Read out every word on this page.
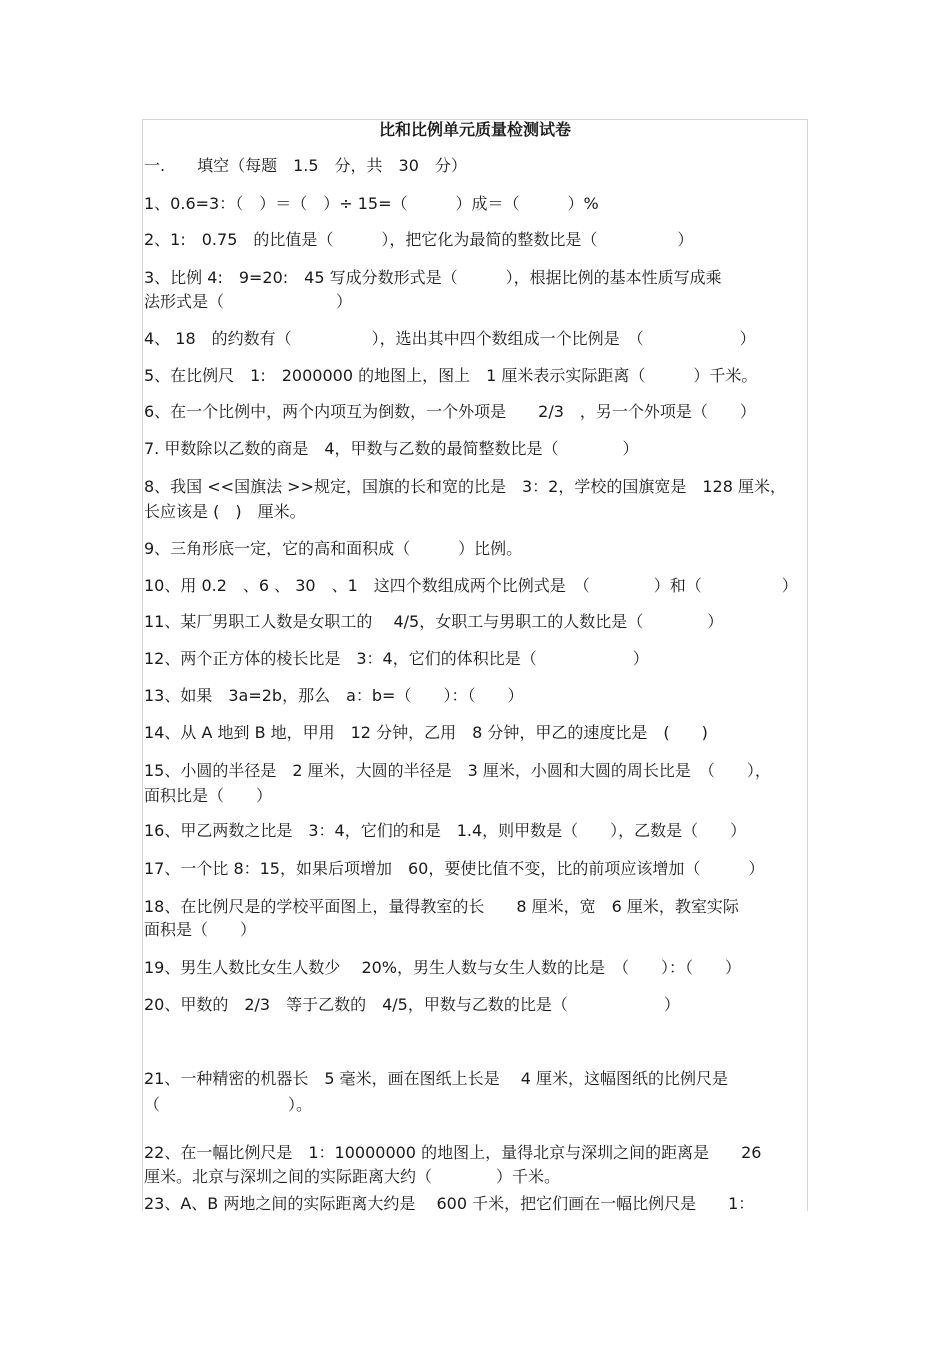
比和比例单元质量检测试卷

一.　　填空（每题　1.5　分，共　30　分）

1、0.6=3：（　）＝（　）÷ 15=（　　　）成＝（　　　）%

2、1:　0.75　的比值是（　　　），把它化为最简的整数比是（　　　　　）

3、比例 4:　9=20:　45 写成分数形式是（　　　），根据比例的基本性质写成乘

法形式是（　　　　　　　）

4、 18　的约数有（　　　　　），选出其中四个数组成一个比例是　（　　　　　　）

5、在比例尺　1:　2000000 的地图上，图上　1 厘米表示实际距离（　　　）千米。

6、在一个比例中，两个内项互为倒数，一个外项是　　2/3　，另一个外项是（　　）

7. 甲数除以乙数的商是　4，甲数与乙数的最简整数比是（　　　　）

8、我国 <<国旗法 >>规定，国旗的长和宽的比是　3：2，学校的国旗宽是　128 厘米，

长应该是 (　)　厘米。

9、三角形底一定，它的高和面积成（　　　）比例。

10、用 0.2　、6 、 30　、1　这四个数组成两个比例式是　（　　　　）和（　　　　　）

11、某厂男职工人数是女职工的　 4/5，女职工与男职工的人数比是（　　　　）

12、两个正方体的棱长比是　3：4，它们的体积比是（　　　　　　）

13、如果　3a=2b，那么　a：b=（　　）：（　　）

14、从 A 地到 B 地，甲用　12 分钟，乙用　8 分钟，甲乙的速度比是　(　　)

15、小圆的半径是　2 厘米，大圆的半径是　3 厘米，小圆和大圆的周长比是　（　　），

面积比是（　　）

16、甲乙两数之比是　3：4，它们的和是　1.4，则甲数是（　　），乙数是（　　）

17、一个比 8：15，如果后项增加　60，要使比值不变，比的前项应该增加（　　　）

18、在比例尺是的学校平面图上，量得教室的长　　8 厘米，宽　6 厘米，教室实际

面积是（　　）

19、男生人数比女生人数少　 20%，男生人数与女生人数的比是　（　　）：（　　）

20、甲数的　2/3　等于乙数的　4/5，甲数与乙数的比是（　　　　　　）

21、一种精密的机器长　5 毫米，画在图纸上长是　 4 厘米，这幅图纸的比例尺是

（　　　　　　　　）。

22、在一幅比例尺是　1：10000000 的地图上，量得北京与深圳之间的距离是　　26

厘米。北京与深圳之间的实际距离大约（　　　　）千米。

23、A、B 两地之间的实际距离大约是　 600 千米，把它们画在一幅比例尺是　　1：
